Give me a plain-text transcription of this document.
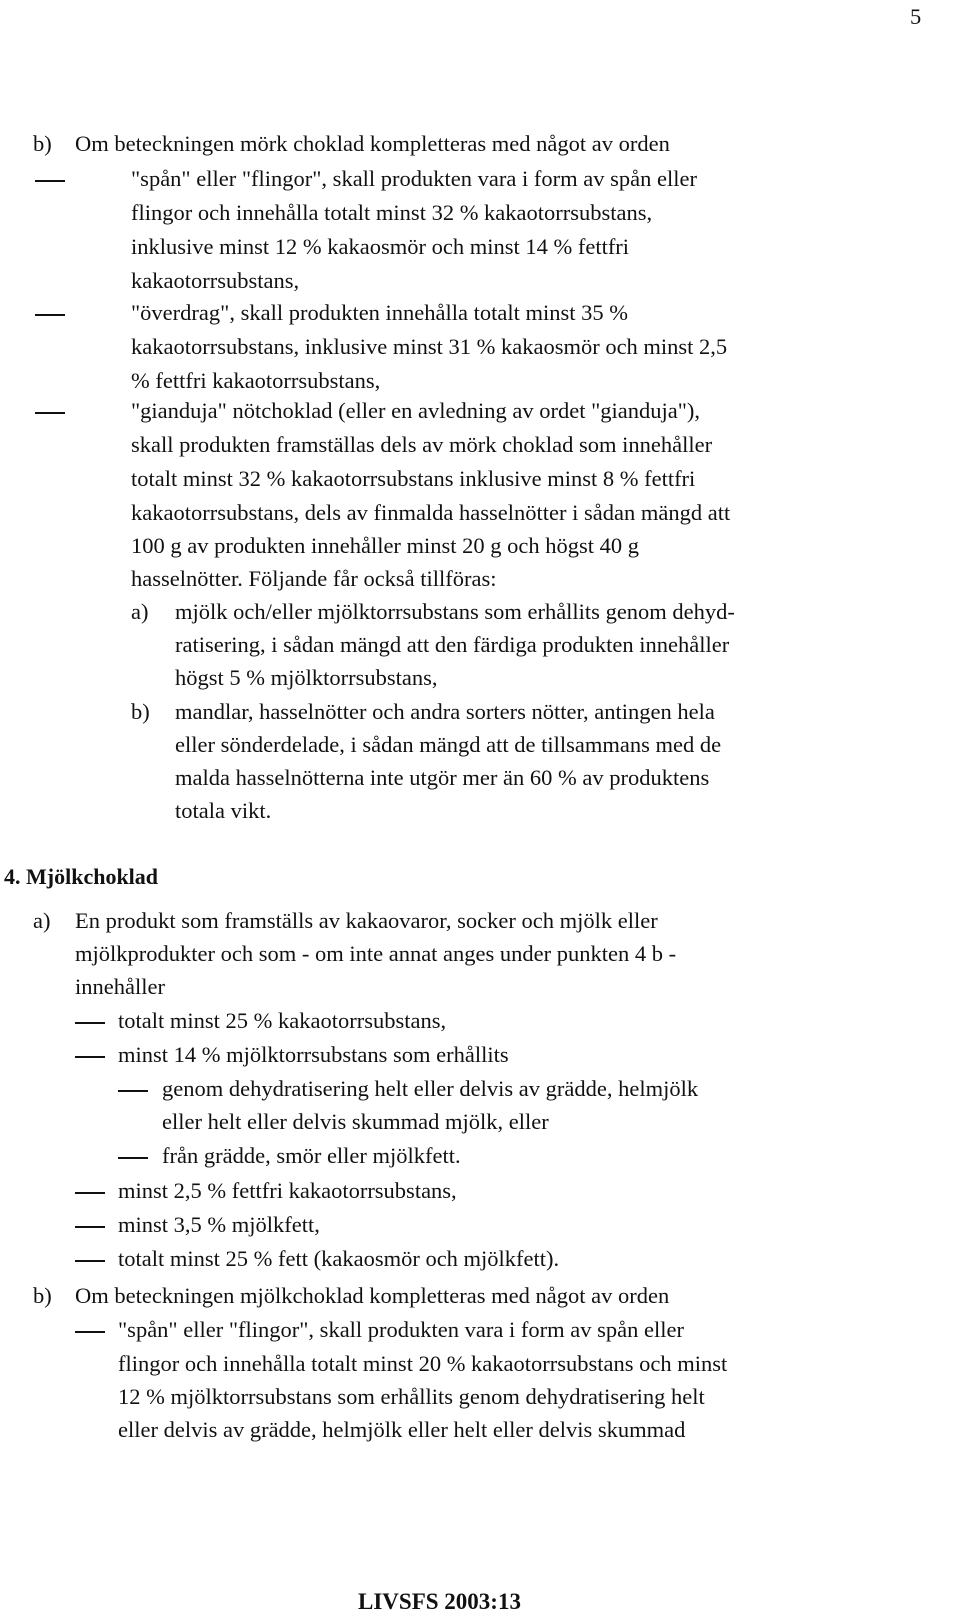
5
b) Om beteckningen mörk choklad kompletteras med något av orden
"spån" eller "flingor", skall produkten vara i form av spån eller
flingor och innehålla totalt minst 32 % kakaotorrsubstans,
inklusive minst 12 % kakaosmör och minst 14 % fettfri
kakaotorrsubstans,
"överdrag", skall produkten innehålla totalt minst 35 %
kakaotorrsubstans, inklusive minst 31 % kakaosmör och minst 2,5
% fettfri kakaotorrsubstans,
"gianduja" nötchoklad (eller en avledning av ordet "gianduja"),
skall produkten framställas dels av mörk choklad som innehåller
totalt minst 32 % kakaotorrsubstans inklusive minst 8 % fettfri
kakaotorrsubstans, dels av finmalda hasselnötter i sådan mängd att
100 g av produkten innehåller minst 20 g och högst 40 g
hasselnötter. Följande får också tillföras:
a) mjölk och/eller mjölktorrsubstans som erhållits genom dehyd-
ratisering, i sådan mängd att den färdiga produkten innehåller
högst 5 % mjölktorrsubstans,
b) mandlar, hasselnötter och andra sorters nötter, antingen hela
eller sönderdelade, i sådan mängd att de tillsammans med de
malda hasselnötterna inte utgör mer än 60 % av produktens
totala vikt.
4. Mjölkchoklad
a) En produkt som framställs av kakaovaror, socker och mjölk eller
mjölkprodukter och som - om inte annat anges under punkten 4 b -
innehåller
totalt minst 25 % kakaotorrsubstans,
minst 14 % mjölktorrsubstans som erhållits
genom dehydratisering helt eller delvis av grädde, helmjölk
eller helt eller delvis skummad mjölk, eller
från grädde, smör eller mjölkfett.
minst 2,5 % fettfri kakaotorrsubstans,
minst 3,5 % mjölkfett,
totalt minst 25 % fett (kakaosmör och mjölkfett).
b) Om beteckningen mjölkchoklad kompletteras med något av orden
"spån" eller "flingor", skall produkten vara i form av spån eller
flingor och innehålla totalt minst 20 % kakaotorrsubstans och minst
12 % mjölktorrsubstans som erhållits genom dehydratisering helt
eller delvis av grädde, helmjölk eller helt eller delvis skummad
LIVSFS 2003:13
